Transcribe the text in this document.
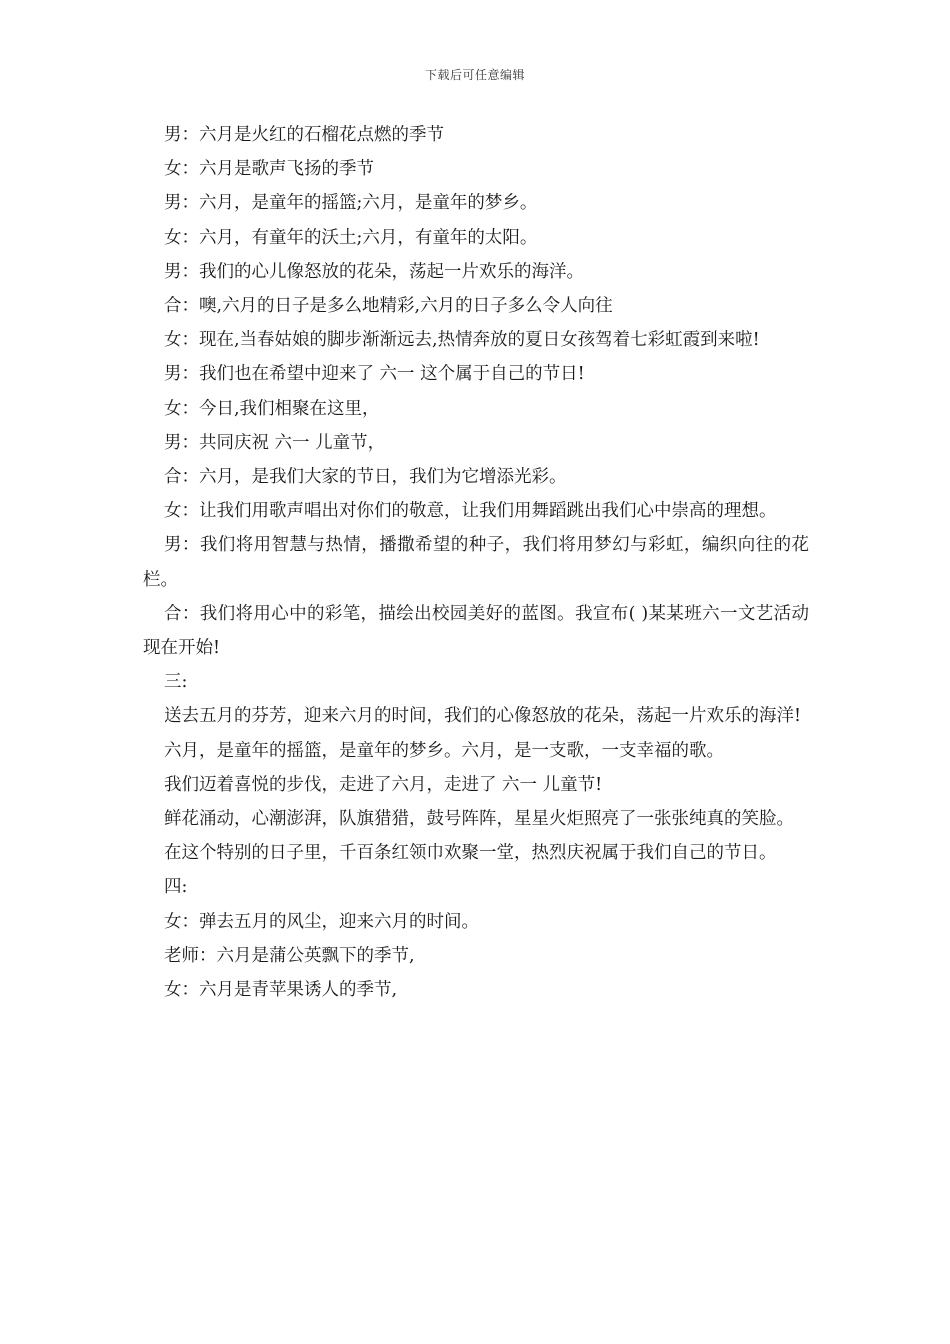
下载后可任意编辑

男：六月是火红的石榴花点燃的季节

女：六月是歌声飞扬的季节

男：六月，是童年的摇篮;六月，是童年的梦乡。

女：六月，有童年的沃土;六月，有童年的太阳。

男：我们的心儿像怒放的花朵，荡起一片欢乐的海洋。

合：噢,六月的日子是多么地精彩,六月的日子多么令人向往

女：现在,当春姑娘的脚步渐渐远去,热情奔放的夏日女孩驾着七彩虹霞到来啦!

男：我们也在希望中迎来了 六一 这个属于自己的节日!

女：今日,我们相聚在这里，

男：共同庆祝 六一 儿童节，

合：六月，是我们大家的节日，我们为它增添光彩。

女：让我们用歌声唱出对你们的敬意，让我们用舞蹈跳出我们心中崇高的理想。

男：我们将用智慧与热情，播撒希望的种子，我们将用梦幻与彩虹，编织向往的花栏。

合：我们将用心中的彩笔，描绘出校园美好的蓝图。我宣布( )某某班六一文艺活动现在开始!

三:

送去五月的芬芳，迎来六月的时间，我们的心像怒放的花朵，荡起一片欢乐的海洋!

六月，是童年的摇篮，是童年的梦乡。六月，是一支歌，一支幸福的歌。

我们迈着喜悦的步伐，走进了六月，走进了 六一 儿童节!

鲜花涌动，心潮澎湃，队旗猎猎，鼓号阵阵，星星火炬照亮了一张张纯真的笑脸。

在这个特别的日子里，千百条红领巾欢聚一堂，热烈庆祝属于我们自己的节日。

四:

女：弹去五月的风尘，迎来六月的时间。

老师：六月是蒲公英飘下的季节,

女：六月是青苹果诱人的季节,
